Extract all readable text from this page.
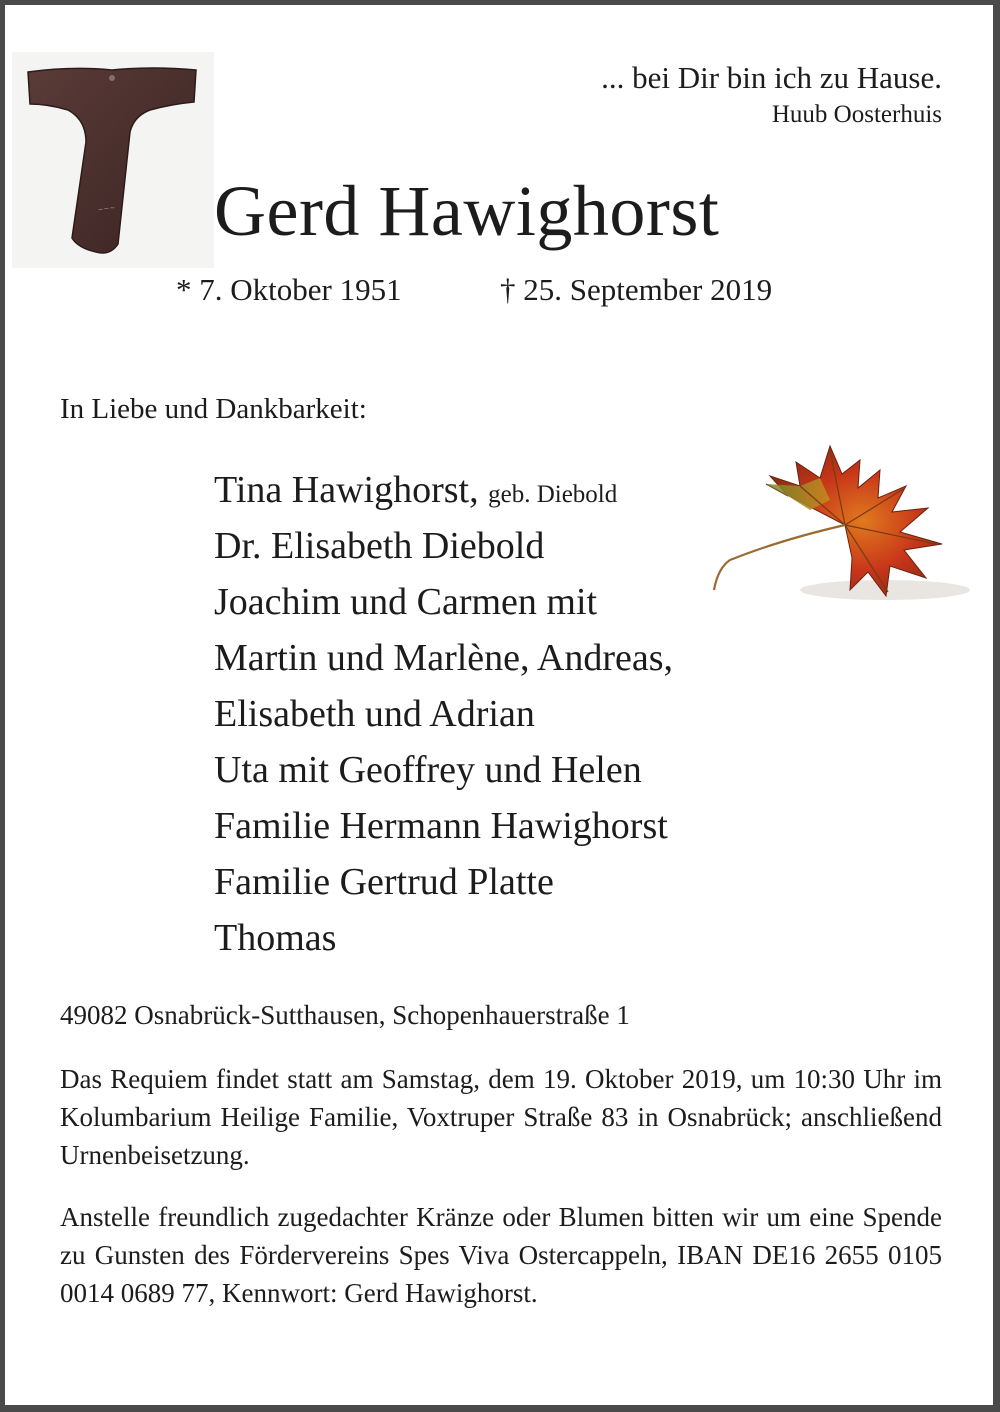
~~~
... bei Dir bin ich zu Hause.
Huub Oosterhuis
Gerd Hawighorst
* 7. Oktober 1951	† 25. September 2019
In Liebe und Dankbarkeit:
Tina Hawighorst, geb. Diebold
Dr. Elisabeth Diebold
Joachim und Carmen mit
Martin und Marlène, Andreas,
Elisabeth und Adrian
Uta mit Geoffrey und Helen
Familie Hermann Hawighorst
Familie Gertrud Platte
Thomas
49082 Osnabrück-Sutthausen, Schopenhauerstraße 1

Das Requiem findet statt am Samstag, dem 19. Oktober 2019, um 10:30 Uhr im Kolumbarium Heilige Familie, Voxtruper Straße 83 in Osnabrück; anschließend Urnenbeisetzung.

Anstelle freundlich zugedachter Kränze oder Blumen bitten wir um eine Spende zu Gunsten des Fördervereins Spes Viva Ostercappeln, IBAN DE16 2655 0105 0014 0689 77, Kennwort: Gerd Hawighorst.
